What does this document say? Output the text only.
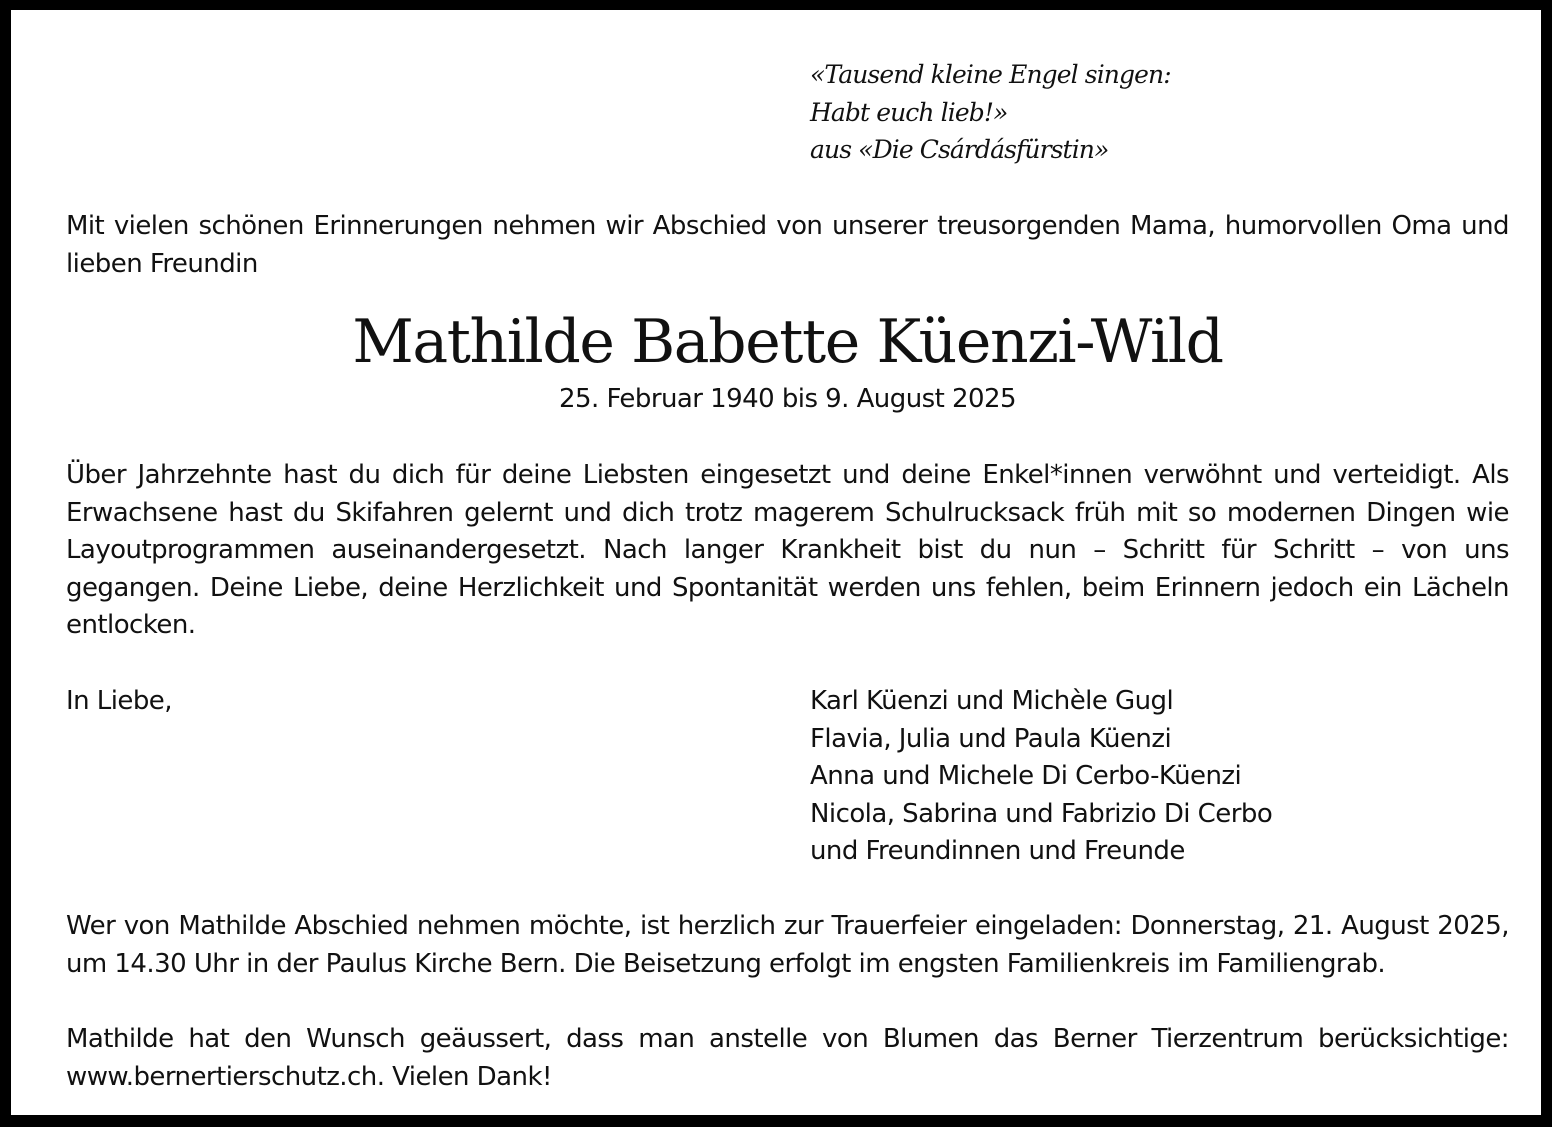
«Tausend kleine Engel singen:
Habt euch lieb!»
aus «Die Csárdásfürstin»

Mit vielen schönen Erinnerungen nehmen wir Abschied von unserer treusorgenden Mama, humorvollen Oma und lieben Freundin

Mathilde Babette Küenzi-Wild

25. Februar 1940 bis 9. August 2025

Über Jahrzehnte hast du dich für deine Liebsten eingesetzt und deine Enkel*innen verwöhnt und verteidigt. Als Erwachsene hast du Skifahren gelernt und dich trotz magerem Schulrucksack früh mit so modernen Dingen wie Layoutprogrammen auseinandergesetzt. Nach langer Krankheit bist du nun – Schritt für Schritt – von uns gegangen. Deine Liebe, deine Herzlichkeit und Spontanität werden uns fehlen, beim Erinnern jedoch ein Lächeln entlocken.

In Liebe,	Karl Küenzi und Michèle Gugl
Flavia, Julia und Paula Küenzi
Anna und Michele Di Cerbo-Küenzi
Nicola, Sabrina und Fabrizio Di Cerbo
und Freundinnen und Freunde

Wer von Mathilde Abschied nehmen möchte, ist herzlich zur Trauerfeier eingeladen: Donnerstag, 21. August 2025, um 14.30 Uhr in der Paulus Kirche Bern. Die Beisetzung erfolgt im engsten Familienkreis im Familiengrab.

Mathilde hat den Wunsch geäussert, dass man anstelle von Blumen das Berner Tierzentrum berücksichtige: www.bernertierschutz.ch. Vielen Dank!
